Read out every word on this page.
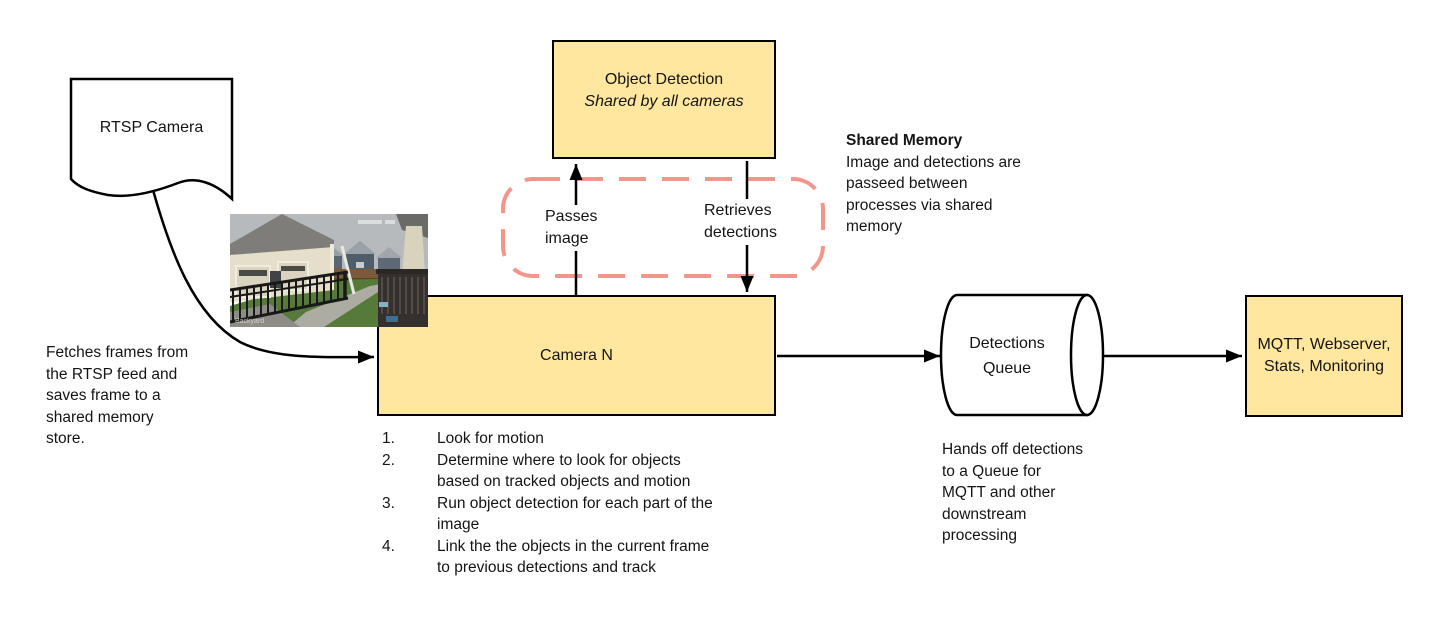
RTSP Camera
Fetches frames from
the RTSP feed and
saves frame to a
shared memory
store.
Object Detection
Shared by all cameras
Camera N
Passes
image
Retrieves
detections
Shared Memory
Image and detections are
passeed between
processes via shared
memory
1.	Look for motion
2.	Determine where to look for objects
based on tracked objects and motion
3.	Run object detection for each part of the
image
4.	Link the the objects in the current frame
to previous detections and track
Detections
Queue
Hands off detections
to a Queue for
MQTT and other
downstream
processing
MQTT, Webserver,
Stats, Monitoring
Backyard
